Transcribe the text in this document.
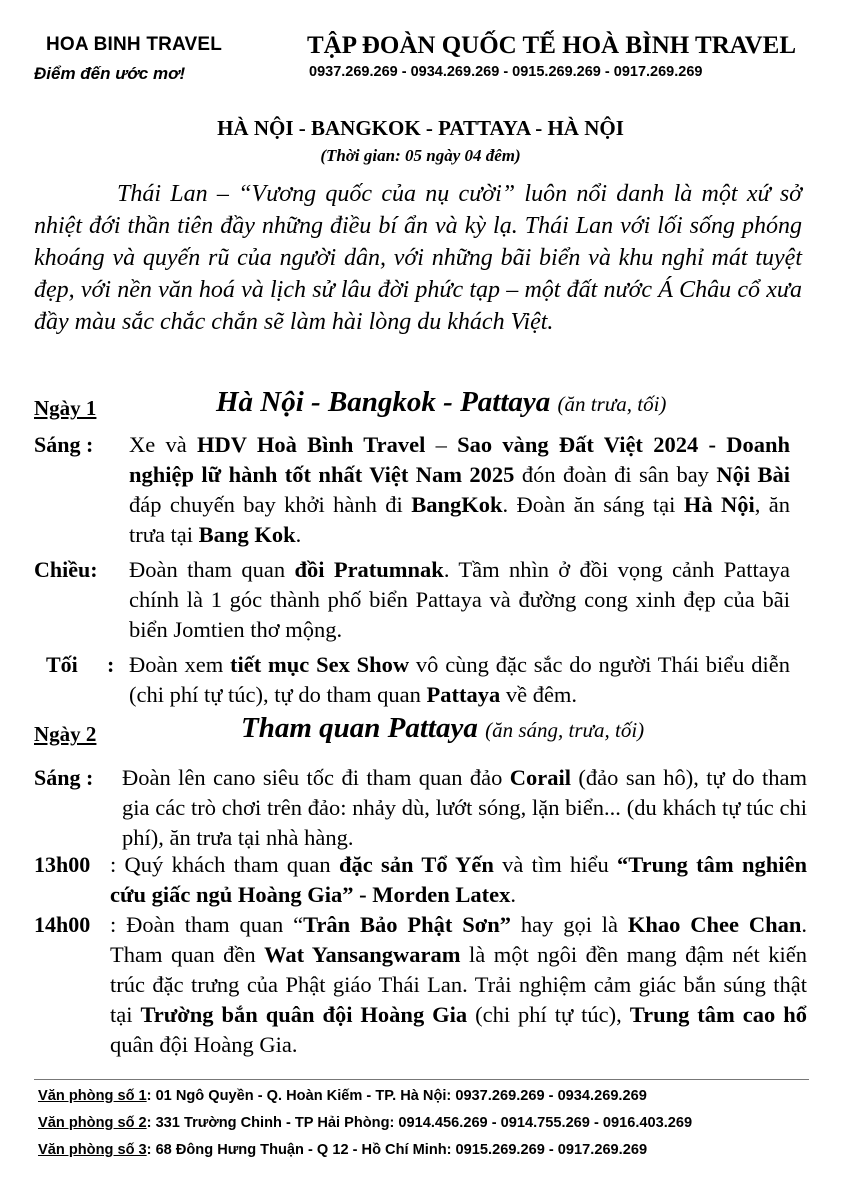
HOA BINH TRAVEL
Điểm đến ước mơ!
TẬP ĐOÀN QUỐC TẾ HOÀ BÌNH TRAVEL
0937.269.269 - 0934.269.269 - 0915.269.269 - 0917.269.269
HÀ NỘI - BANGKOK - PATTAYA - HÀ NỘI
(Thời gian: 05 ngày 04 đêm)
Thái Lan – “Vương quốc của nụ cười” luôn nổi danh là một xứ sở nhiệt đới thần tiên đầy những điều bí ẩn và kỳ lạ. Thái Lan với lối sống phóng khoáng và quyến rũ của người dân, với những bãi biển và khu nghỉ mát tuyệt đẹp, với nền văn hoá và lịch sử lâu đời phức tạp – một đất nước Á Châu cổ xưa đầy màu sắc chắc chắn sẽ làm hài lòng du khách Việt.
Ngày 1	Hà Nội - Bangkok - Pattaya (ăn trưa, tối)
Sáng : Xe và HDV Hoà Bình Travel – Sao vàng Đất Việt 2024 - Doanh nghiệp lữ hành tốt nhất Việt Nam 2025 đón đoàn đi sân bay Nội Bài đáp chuyến bay khởi hành đi BangKok. Đoàn ăn sáng tại Hà Nội, ăn trưa tại Bang Kok.
Chiều: Đoàn tham quan đồi Pratumnak. Tầm nhìn ở đồi vọng cảnh Pattaya chính là 1 góc thành phố biển Pattaya và đường cong xinh đẹp của bãi biển Jomtien thơ mộng.
Tối : Đoàn xem tiết mục Sex Show vô cùng đặc sắc do người Thái biểu diễn (chi phí tự túc), tự do tham quan Pattaya về đêm.
Ngày 2	Tham quan Pattaya (ăn sáng, trưa, tối)
Sáng : Đoàn lên cano siêu tốc đi tham quan đảo Corail (đảo san hô), tự do tham gia các trò chơi trên đảo: nhảy dù, lướt sóng, lặn biển... (du khách tự túc chi phí), ăn trưa tại nhà hàng.
13h00 : Quý khách tham quan đặc sản Tổ Yến và tìm hiểu “Trung tâm nghiên cứu giấc ngủ Hoàng Gia” - Morden Latex.
14h00 : Đoàn tham quan “Trân Bảo Phật Sơn” hay gọi là Khao Chee Chan. Tham quan đền Wat Yansangwaram là một ngôi đền mang đậm nét kiến trúc đặc trưng của Phật giáo Thái Lan. Trải nghiệm cảm giác bắn súng thật tại Trường bắn quân đội Hoàng Gia (chi phí tự túc), Trung tâm cao hổ quân đội Hoàng Gia.
Văn phòng số 1: 01 Ngô Quyền - Q. Hoàn Kiếm - TP. Hà Nội: 0937.269.269 - 0934.269.269
Văn phòng số 2: 331 Trường Chinh - TP Hải Phòng: 0914.456.269 - 0914.755.269 - 0916.403.269
Văn phòng số 3: 68 Đông Hưng Thuận - Q 12 - Hồ Chí Minh: 0915.269.269 - 0917.269.269
